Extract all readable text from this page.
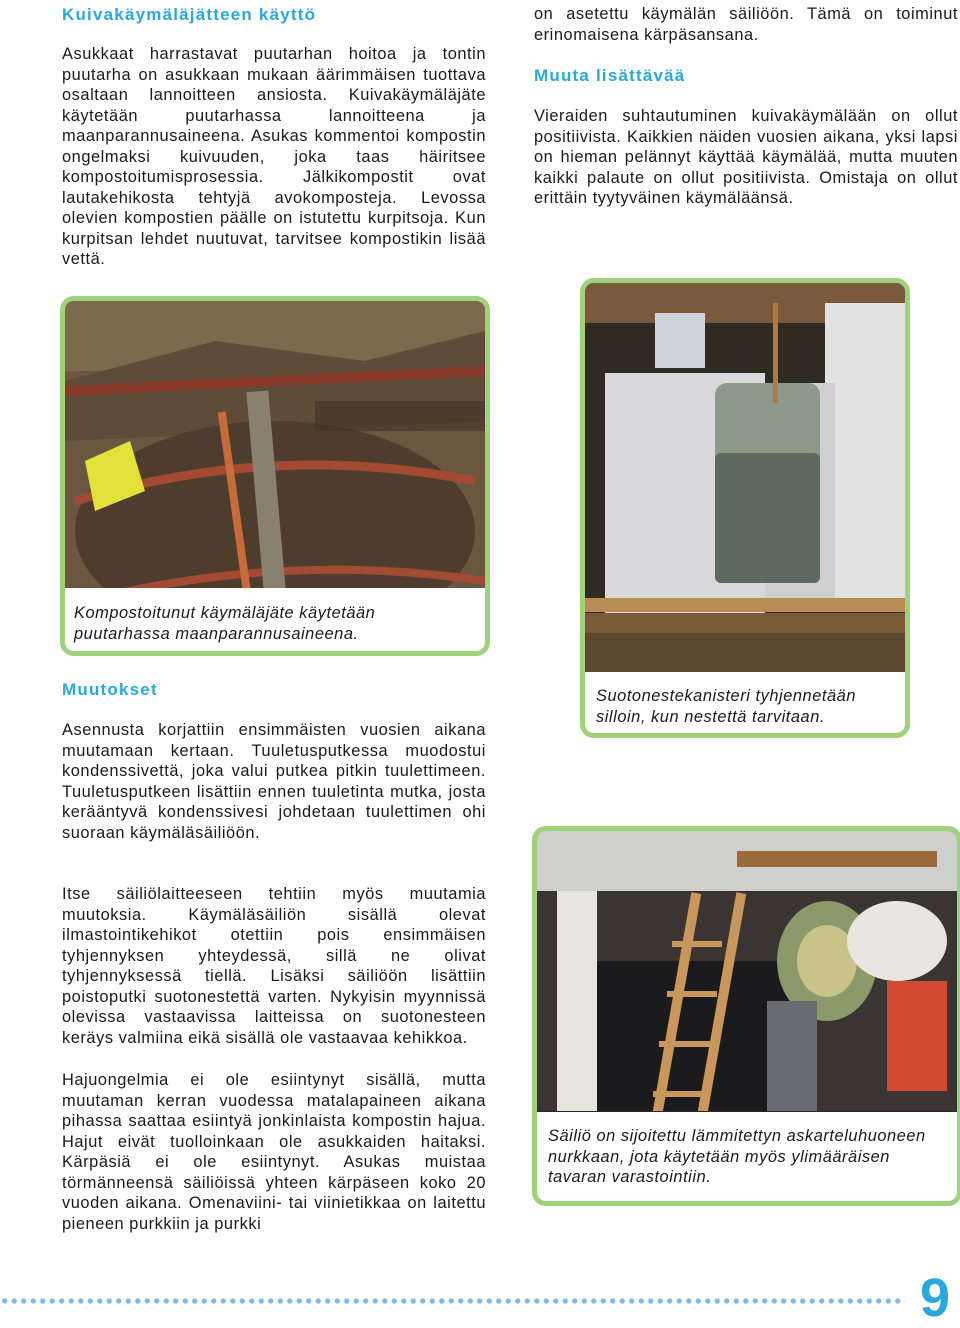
Kuivakäymäläjätteen käyttö

Asukkaat harrastavat puutarhan hoitoa ja tontin puutarha on asukkaan mukaan äärimmäisen tuottava osaltaan lannoitteen ansiosta. Kuivakäymäläjäte käytetään puutarhassa lannoitteena ja maanparannusaineena. Asukas kommentoi kompostin ongelmaksi kuivuuden, joka taas häiritsee kompostoitumisprosessia. Jälkikompostit ovat lautakehikosta tehtyjä avokomposteja. Levossa olevien kompostien päälle on istutettu kurpitsoja. Kun kurpitsan lehdet nuutuvat, tarvitsee kompostikin lisää vettä.

on asetettu käymälän säiliöön. Tämä on toiminut erinomaisena kärpäsansana.

Muuta lisättävää

Vieraiden suhtautuminen kuivakäymälään on ollut positiivista. Kaikkien näiden vuosien aikana, yksi lapsi on hieman pelännyt käyttää käymälää, mutta muuten kaikki palaute on ollut positiivista. Omistaja on ollut erittäin tyytyväinen käymäläänsä.

Kompostoitunut käymäläjäte käytetään puutarhassa maanparannusaineena.

Suotonestekanisteri tyhjennetään silloin, kun nestettä tarvitaan.

Muutokset

Asennusta korjattiin ensimmäisten vuosien aikana muutamaan kertaan. Tuuletusputkessa muodostui kondenssivettä, joka valui putkea pitkin tuulettimeen. Tuuletusputkeen lisättiin ennen tuuletinta mutka, josta kerääntyvä kondenssivesi johdetaan tuulettimen ohi suoraan käymäläsäiliöön.

Itse säiliölaitteeseen tehtiin myös muutamia muutoksia. Käymäläsäiliön sisällä olevat ilmastointikehikot otettiin pois ensimmäisen tyhjennyksen yhteydessä, sillä ne olivat tyhjennyksessä tiellä. Lisäksi säiliöön lisättiin poistoputki suotonestettä varten. Nykyisin myynnissä olevissa vastaavissa laitteissa on suotonesteen keräys valmiina eikä sisällä ole vastaavaa kehikkoa.

Hajuongelmia ei ole esiintynyt sisällä, mutta muutaman kerran vuodessa matalapaineen aikana pihassa saattaa esiintyä jonkinlaista kompostin hajua. Hajut eivät tuolloinkaan ole asukkaiden haitaksi. Kärpäsiä ei ole esiintynyt. Asukas muistaa törmänneensä säiliöissä yhteen kärpäseen koko 20 vuoden aikana. Omenaviini- tai viinietikkaa on laitettu pieneen purkkiin ja purkki

Säiliö on sijoitettu lämmitettyn askarteluhuoneen nurkkaan, jota käytetään myös ylimääräisen tavaran varastointiin.

9
